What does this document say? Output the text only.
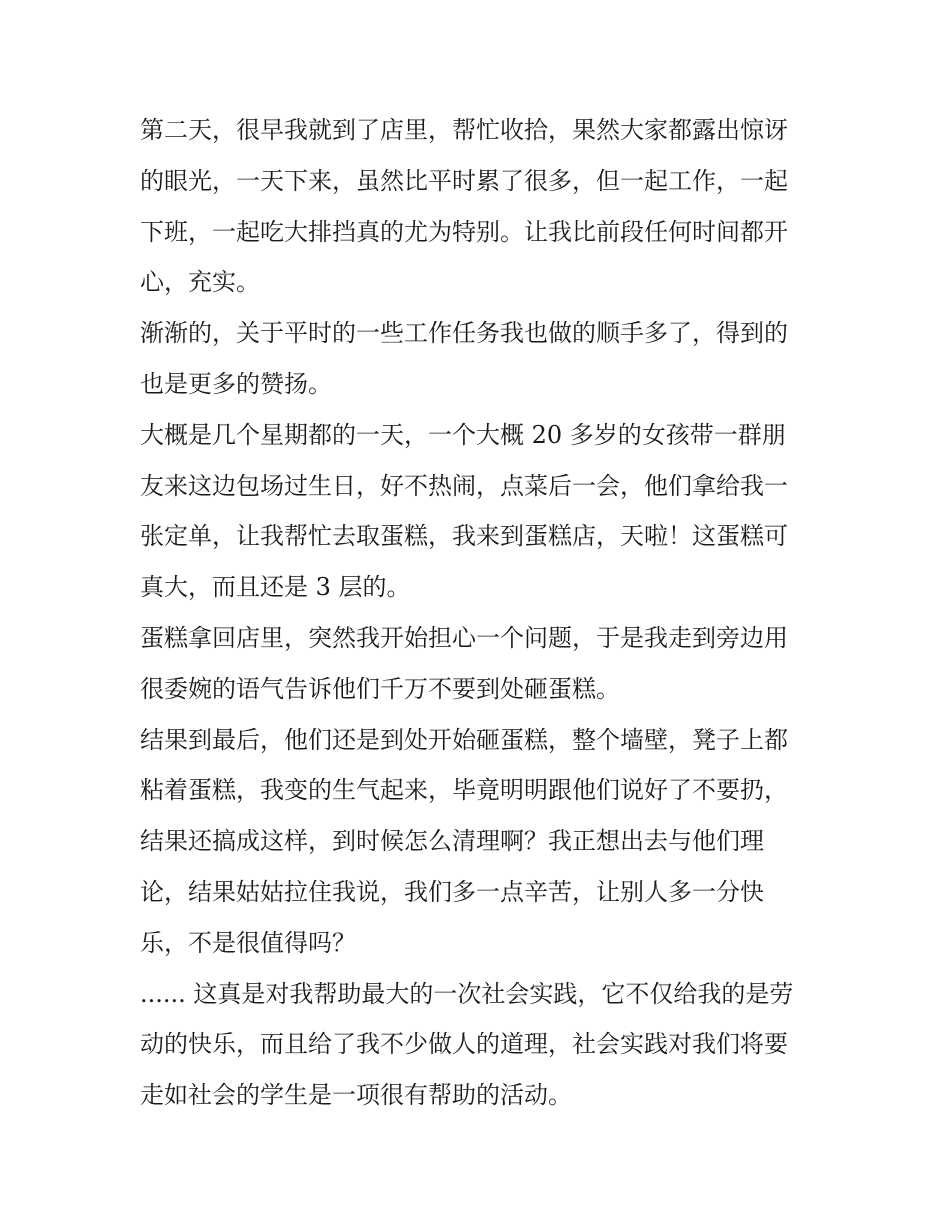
第二天，很早我就到了店里，帮忙收拾，果然大家都露出惊讶
的眼光，一天下来，虽然比平时累了很多，但一起工作，一起
下班，一起吃大排挡真的尤为特别。让我比前段任何时间都开
心，充实。
渐渐的，关于平时的一些工作任务我也做的顺手多了，得到的
也是更多的赞扬。
大概是几个星期都的一天，一个大概 20 多岁的女孩带一群朋
友来这边包场过生日，好不热闹，点菜后一会，他们拿给我一
张定单，让我帮忙去取蛋糕，我来到蛋糕店，天啦！这蛋糕可
真大，而且还是 3 层的。
蛋糕拿回店里，突然我开始担心一个问题，于是我走到旁边用
很委婉的语气告诉他们千万不要到处砸蛋糕。
结果到最后，他们还是到处开始砸蛋糕，整个墙壁，凳子上都
粘着蛋糕，我变的生气起来，毕竟明明跟他们说好了不要扔，
结果还搞成这样，到时候怎么清理啊？我正想出去与他们理
论，结果姑姑拉住我说，我们多一点辛苦，让别人多一分快
乐，不是很值得吗？
...... 这真是对我帮助最大的一次社会实践，它不仅给我的是劳
动的快乐，而且给了我不少做人的道理，社会实践对我们将要
走如社会的学生是一项很有帮助的活动。
